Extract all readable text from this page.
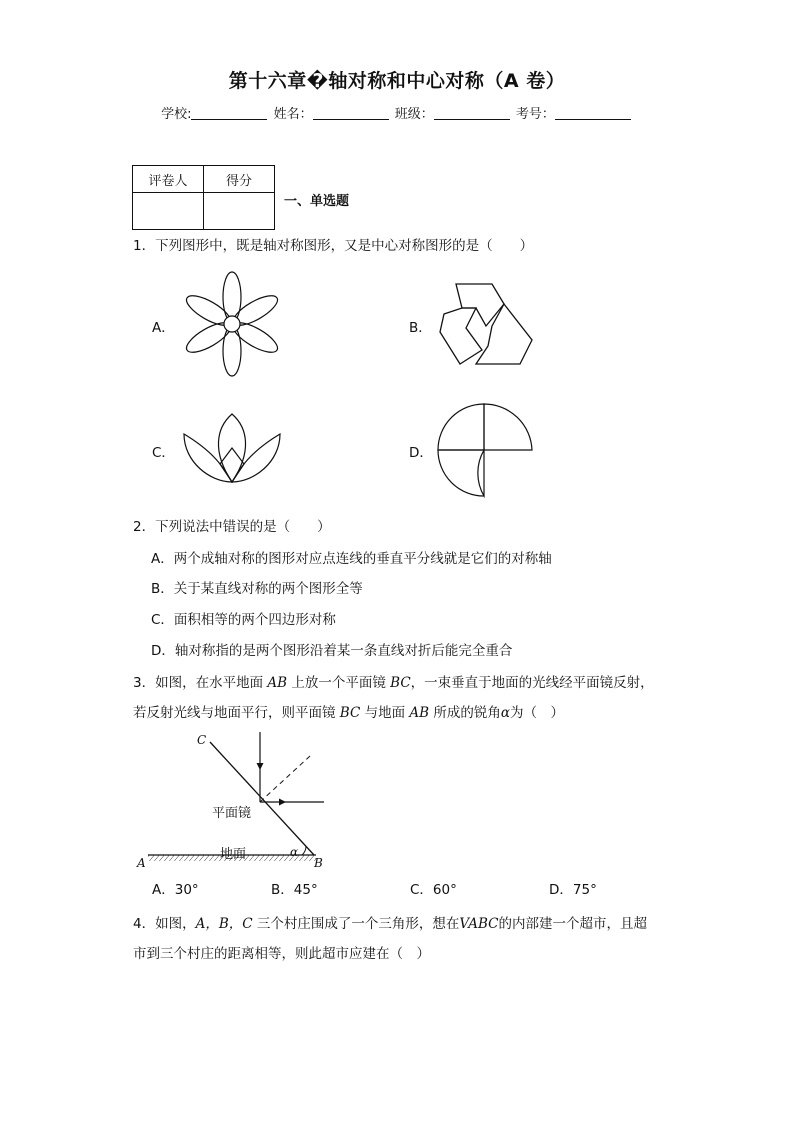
第十六章�轴对称和中心对称（A 卷）
学校:	姓名：	班级：	考号：
评卷人	得分

一、单选题
1．下列图形中，既是轴对称图形，又是中心对称图形的是（　　）
A．	B．
C．	D．
2．下列说法中错误的是（　　）
A．两个成轴对称的图形对应点连线的垂直平分线就是它们的对称轴
B．关于某直线对称的两个图形全等
C．面积相等的两个四边形对称
D．轴对称指的是两个图形沿着某一条直线对折后能完全重合
3．如图，在水平地面 AB 上放一个平面镜 BC，一束垂直于地面的光线经平面镜反射，
若反射光线与地面平行，则平面镜 BC 与地面 AB 所成的锐角α为（　）
C
A	B
α
平面镜
地面
A．30°	B．45°	C．60°	D．75°
4．如图，A，B，C 三个村庄围成了一个三角形，想在VABC的内部建一个超市，且超
市到三个村庄的距离相等，则此超市应建在（　）
